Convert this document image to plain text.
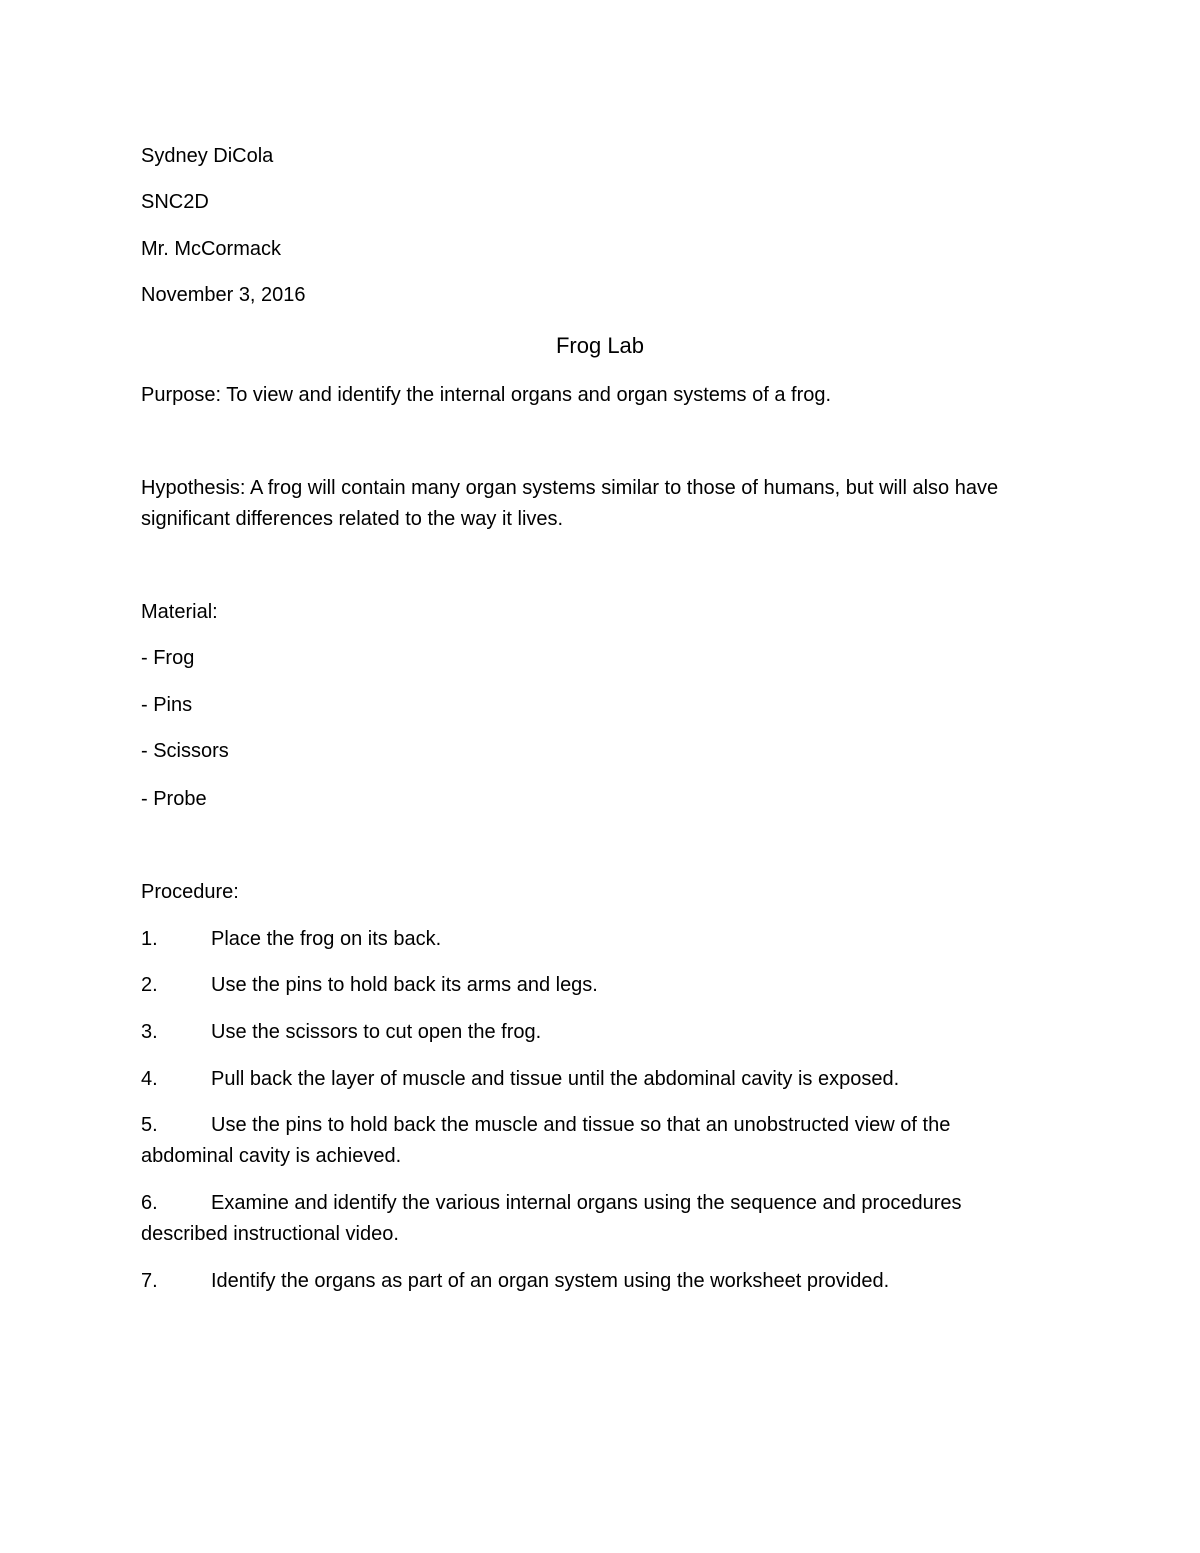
Sydney DiCola
SNC2D
Mr. McCormack
November 3, 2016
Frog Lab
Purpose: To view and identify the internal organs and organ systems of a frog.
Hypothesis: A frog will contain many organ systems similar to those of humans, but will also have significant differences related to the way it lives.
Material:
- Frog
- Pins
- Scissors
- Probe
Procedure:
1.	Place the frog on its back.
2.	Use the pins to hold back its arms and legs.
3.	Use the scissors to cut open the frog.
4.	Pull back the layer of muscle and tissue until the abdominal cavity is exposed.
5.	Use the pins to hold back the muscle and tissue so that an unobstructed view of the abdominal cavity is achieved.
6.	Examine and identify the various internal organs using the sequence and procedures described instructional video.
7.	Identify the organs as part of an organ system using the worksheet provided.
